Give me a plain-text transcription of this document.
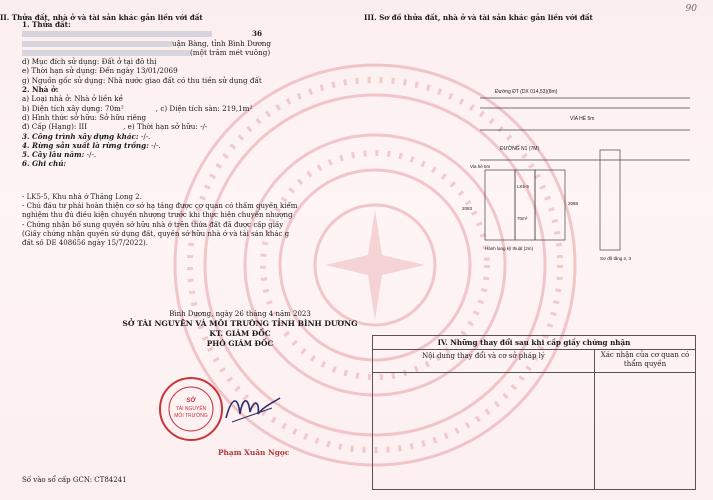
90
II. Thửa đất, nhà ở và tài sản khác gắn liền với đất	III. Sơ đồ thửa đất, nhà ở và tài sản khác gắn liền với đất
1. Thửa đất:
36
uận Bàng, tỉnh Bình Dương
(một trăm mét vuông)
d) Mục đích sử dụng: Đất ở tại đô thị
e) Thời hạn sử dụng: Đến ngày 13/01/2069
g) Nguồn gốc sử dụng: Nhà nước giao đất có thu tiền sử dụng đất
2. Nhà ở:
a) Loại nhà ở: Nhà ở liền kề
b) Diện tích xây dựng: 70m²	, c) Diện tích sàn: 219,1m²
d) Hình thức sở hữu: Sở hữu riêng
đ) Cấp (Hạng): III	, e) Thời hạn sở hữu: -/-
3. Công trình xây dựng khác: -/-.
4. Rừng sản xuất là rừng trồng: -/-.
5. Cây lâu năm: -/-.
6. Ghi chú:
- LK5-5, Khu nhà ở Thăng Long 2.
- Chủ đầu tư phải hoàn thiện cơ sở hạ tầng được cơ quan có thẩm quyền kiểm
nghiệm thu đủ điều kiện chuyển nhượng trước khi thực hiện chuyển nhượng
- Chứng nhận bổ sung quyền sở hữu nhà ở trên thửa đất đã được cấp giấy
(Giấy chứng nhận quyền sử dụng đất, quyền sở hữu nhà ở và tài sản khác g
đất số DE 408656 ngày 15/7/2022).
Bình Dương, ngày 26 tháng 4 năm 2023
SỞ TÀI NGUYÊN VÀ MÔI TRƯỜNG TỈNH BÌNH DƯƠNG
KT. GIÁM ĐỐC
PHÓ GIÁM ĐỐC
SỞ
TÀI NGUYÊN
MÔI TRƯỜNG
Phạm Xuân Ngọc
Số vào sổ cấp GCN: CT84241
Đường ĐT (DX 014,53)(8m)
VỈA HÈ 5m
ĐƯỜNG N1 (7M)
Vỉa hè 5m
LK5-5
70m²
2083
2088
Hành lang kỹ thuật (2m)
Sơ đồ tầng 2, 3
IV. Những thay đổi sau khi cấp giấy chứng nhận
Nội dung thay đổi và cơ sở pháp lý	Xác nhận của cơ quan có thẩm quyền
